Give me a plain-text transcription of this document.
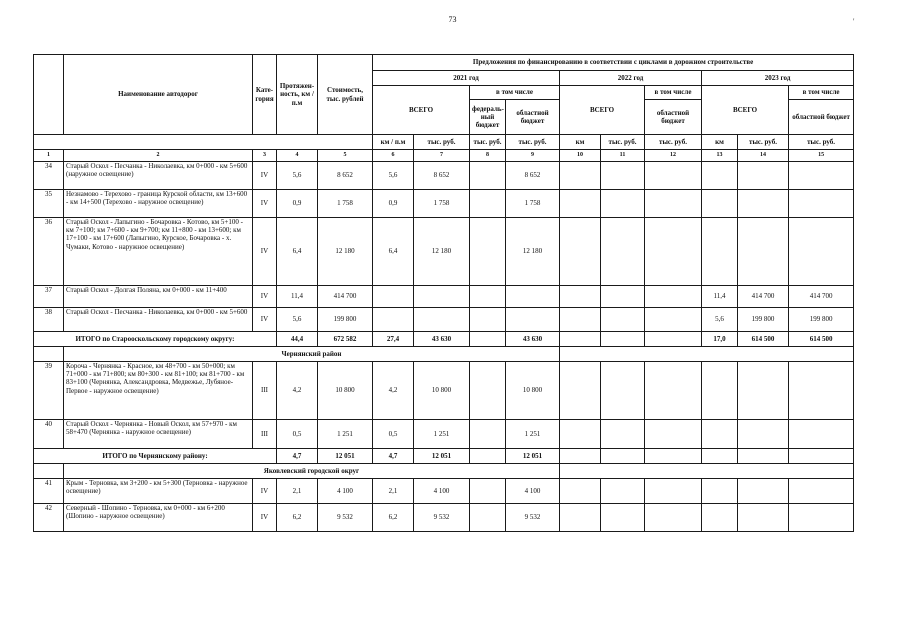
73	'
	Наименование автодорог	Кате-гория	Протяжен-ность, км / п.м	Стоимость, тыс. рублей	Предложения по финансированию в соответствии с циклами в дорожном строительстве									
					2021 год				2022 год			2023 год		
					ВСЕГО		в том числе		ВСЕГО		в том числе	ВСЕГО		в том числе
							федераль-ный бюджет	областной бюджет			областной бюджет			областной бюджет
					км / п.м	тыс. руб.	тыс. руб.	тыс. руб.	км	тыс. руб.	тыс. руб.	км	тыс. руб.	тыс. руб.
1	2	3	4	5	6	7	8	9	10	11	12	13	14	15
34	Старый Оскол - Песчанка - Николаевка, км 0+000 - км 5+600 (наружное освещение)	IV	5,6	8 652	5,6	8 652		8 652						
35	Незнамово - Терехово - граница Курской области, км 13+600 - км 14+500 (Терехово - наружное освещение)	IV	0,9	1 758	0,9	1 758		1 758						
36	Старый Оскол - Лапыгино - Бочаровка - Котово, км 5+100 - км 7+100; км 7+600 - км 9+700; км 11+800 - км 13+600; км 17+100 - км 17+600 (Лапыгино, Курское, Бочаровка - х. Чумаки, Котово - наружное освещение)	IV	6,4	12 180	6,4	12 180		12 180						
37	Старый Оскол - Долгая Поляна, км 0+000 - км 11+400	IV	11,4	414 700								11,4	414 700	414 700
38	Старый Оскол - Песчанка - Николаевка, км 0+000 - км 5+600	IV	5,6	199 800								5,6	199 800	199 800
ИТОГО по Старооскольскому городскому округу:			44,4	672 582	27,4	43 630		43 630				17,0	614 500	614 500
	Чернянский район													
39	Короча - Чернянка - Красное, км 48+700 - км 50+000; км 71+000 - км 71+800; км 80+300 - км 81+100; км 81+700 - км 83+100 (Чернянка, Александровка, Медвежье, Лубяное-Первое - наружное освещение)	III	4,2	10 800	4,2	10 800		10 800						
40	Старый Оскол - Чернянка - Новый Оскол, км 57+970 - км 58+470 (Чернянка - наружное освещение)	III	0,5	1 251	0,5	1 251		1 251						
ИТОГО по Чернянскому району:			4,7	12 051	4,7	12 051		12 051						
	Яковлевский городской округ													
41	Крым - Терновка, км 3+200 - км 5+300 (Терновка - наружное освещение)	IV	2,1	4 100	2,1	4 100		4 100						
42	Северный - Шопино - Терновка, км 0+000 - км 6+200 (Шопино - наружное освещение)	IV	6,2	9 532	6,2	9 532		9 532						
